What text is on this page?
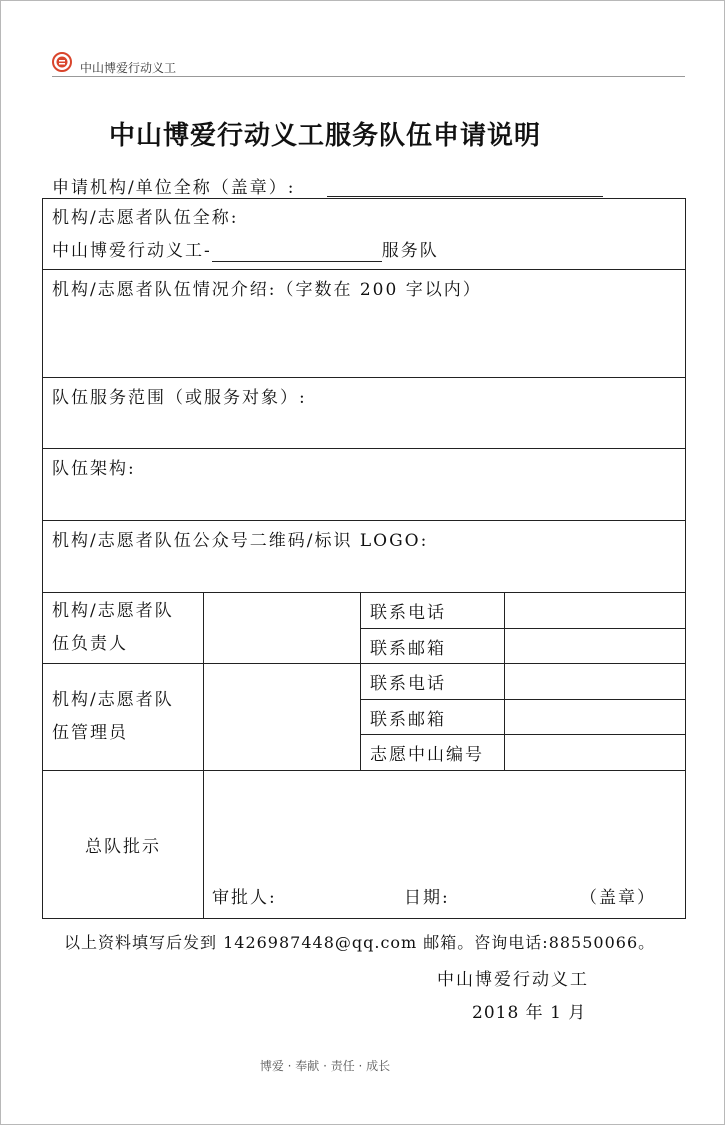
中山博爱行动义工
中山博爱行动义工服务队伍申请说明
申请机构/单位全称（盖章）:
机构/志愿者队伍全称:
中山博爱行动义工- 服务队			

机构/志愿者队伍情况介绍:（字数在 200 字以内）			

队伍服务范围（或服务对象）:			

队伍架构:			

机构/志愿者队伍公众号二维码/标识 LOGO:			

机构/志愿者队
伍负责人		联系电话	
		联系邮箱	

机构/志愿者队
伍管理员		联系电话	
		联系邮箱	
		志愿中山编号	
总队批示	审批人: 日期: （盖章）		
以上资料填写后发到 1426987448@qq.com 邮箱。咨询电话:88550066。
中山博爱行动义工
2018 年 1 月
博爱 · 奉献 · 责任 · 成长
